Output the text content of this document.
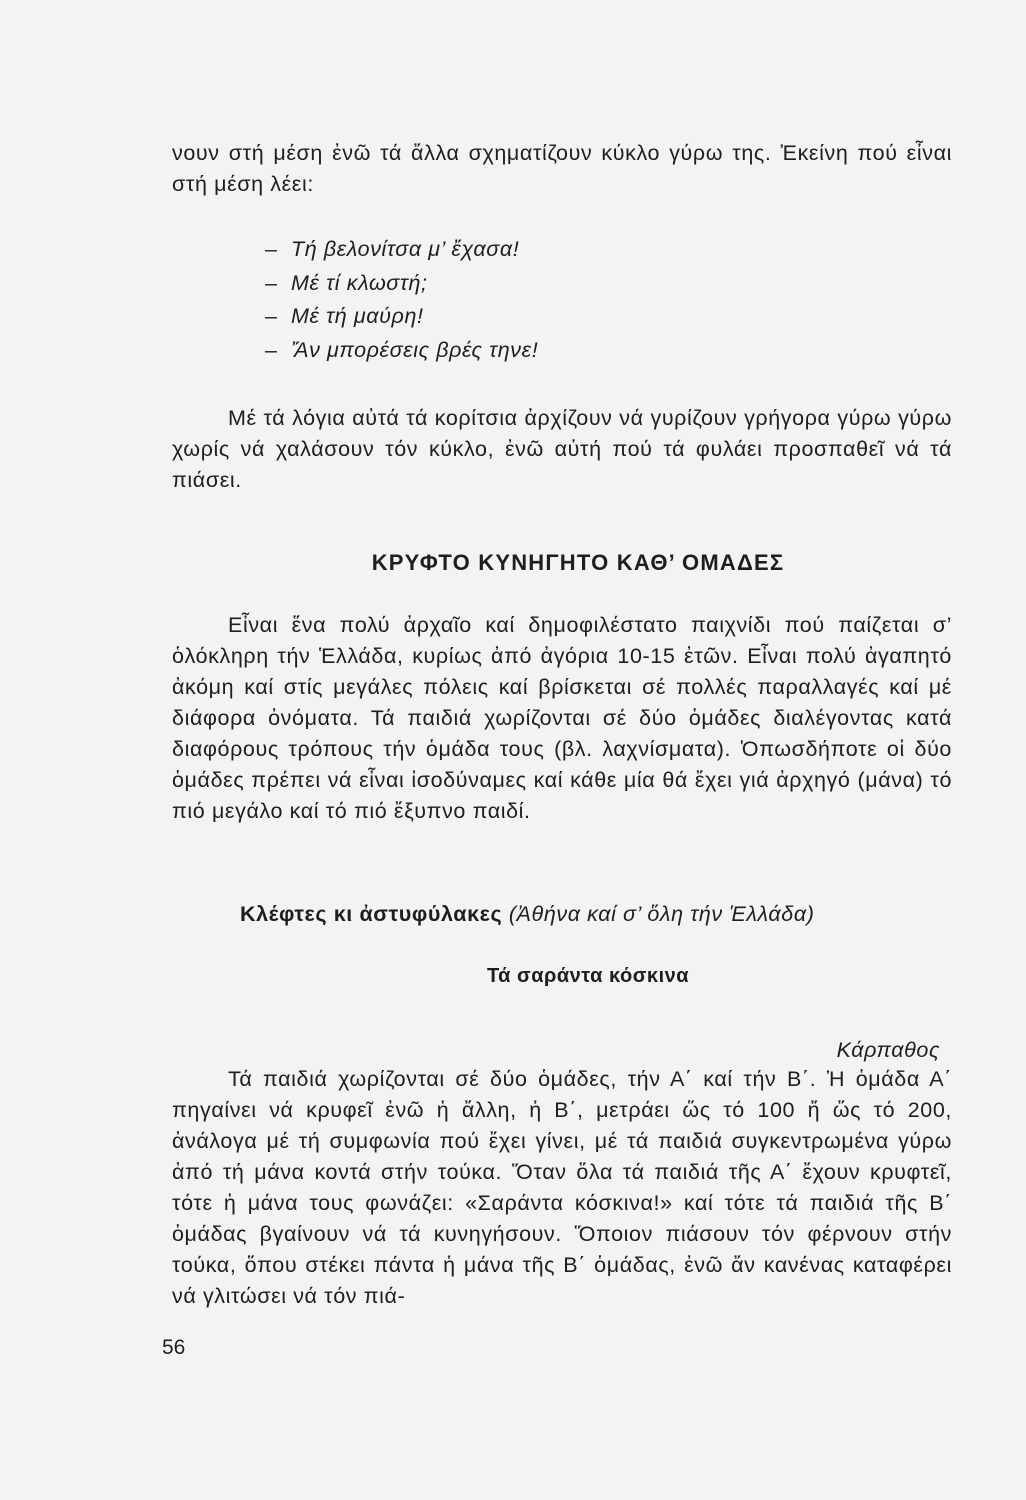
νουν στή μέση ἐνῶ τά ἄλλα σχηματίζουν κύκλο γύρω της. Ἐκείνη πού εἶναι στή μέση λέει:

– Τή βελονίτσα μ’ ἔχασα!
– Μέ τί κλωστή;
– Μέ τή μαύρη!
– Ἄν μπορέσεις βρές τηνε!

Μέ τά λόγια αὐτά τά κορίτσια ἀρχίζουν νά γυρίζουν γρήγορα γύρω γύρω χωρίς νά χαλάσουν τόν κύκλο, ἐνῶ αὐτή πού τά φυλάει προσπαθεῖ νά τά πιάσει.

ΚΡΥΦΤΟ ΚΥΝΗΓΗΤΟ ΚΑΘ’ ΟΜΑΔΕΣ

Εἶναι ἕνα πολύ ἀρχαῖο καί δημοφιλέστατο παιχνίδι πού παίζεται σ’ ὁλόκληρη τήν Ἑλλάδα, κυρίως ἀπό ἀγόρια 10-15 ἐτῶν. Εἶναι πολύ ἀγαπητό ἀκόμη καί στίς μεγάλες πόλεις καί βρίσκεται σέ πολλές παραλλαγές καί μέ διάφορα ὀνόματα. Τά παιδιά χωρίζονται σέ δύο ὁμάδες διαλέγοντας κατά διαφόρους τρόπους τήν ὁμάδα τους (βλ. λαχνίσματα). Ὁπωσδήποτε οἱ δύο ὁμάδες πρέπει νά εἶναι ἰσοδύναμες καί κάθε μία θά ἔχει γιά ἀρχηγό (μάνα) τό πιό μεγάλο καί τό πιό ἔξυπνο παιδί.

Κλέφτες κι ἀστυφύλακες (Ἀθήνα καί σ’ ὅλη τήν Ἑλλάδα)

Τά σαράντα κόσκινα

Κάρπαθος

Τά παιδιά χωρίζονται σέ δύο ὁμάδες, τήν Α΄ καί τήν Β΄. Ἡ ὁμάδα Α΄ πηγαίνει νά κρυφεῖ ἐνῶ ἡ ἄλλη, ἡ Β΄, μετράει ὥς τό 100 ἤ ὥς τό 200, ἀνάλογα μέ τή συμφωνία πού ἔχει γίνει, μέ τά παιδιά συγκεντρωμένα γύρω ἀπό τή μάνα κοντά στήν τούκα. Ὅταν ὅλα τά παιδιά τῆς Α΄ ἔχουν κρυφτεῖ, τότε ἡ μάνα τους φωνάζει: «Σαράντα κόσκινα!» καί τότε τά παιδιά τῆς Β΄ ὁμάδας βγαίνουν νά τά κυνηγήσουν. Ὅποιον πιάσουν τόν φέρνουν στήν τούκα, ὅπου στέκει πάντα ἡ μάνα τῆς Β΄ ὁμάδας, ἐνῶ ἄν κανένας καταφέρει νά γλιτώσει νά τόν πιά-

56
